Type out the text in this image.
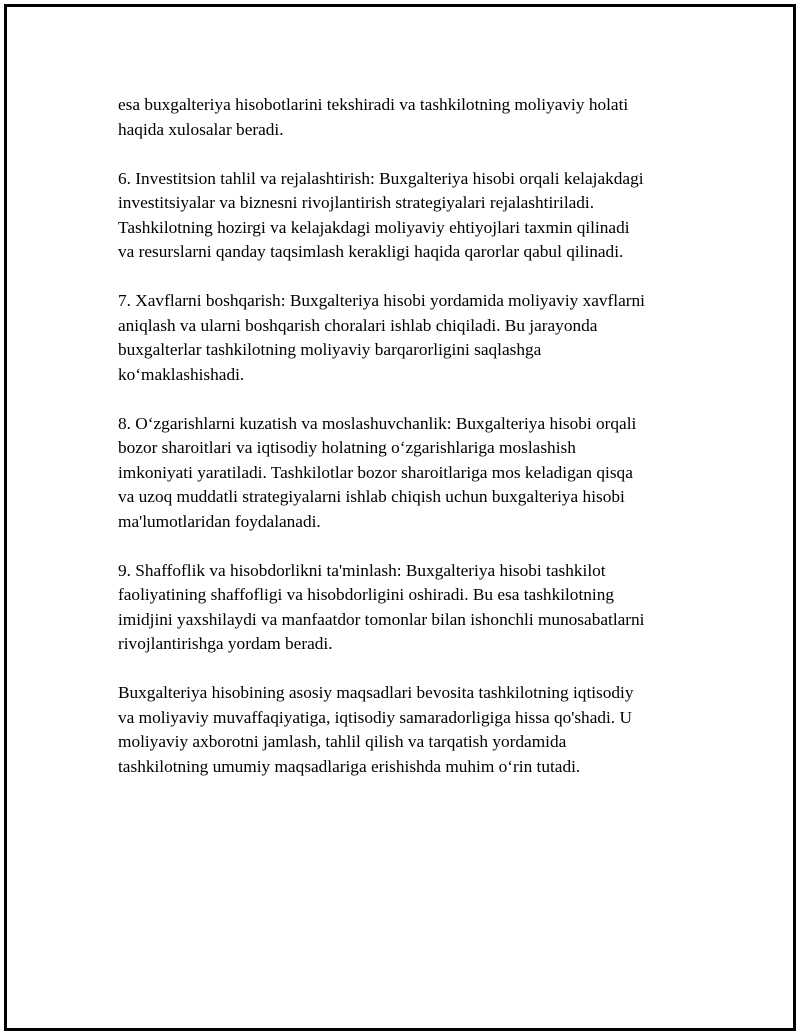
esa buxgalteriya hisobotlarini tekshiradi va tashkilotning moliyaviy holati
haqida xulosalar beradi.

6. Investitsion tahlil va rejalashtirish: Buxgalteriya hisobi orqali kelajakdagi
investitsiyalar va biznesni rivojlantirish strategiyalari rejalashtiriladi.
Tashkilotning hozirgi va kelajakdagi moliyaviy ehtiyojlari taxmin qilinadi
va resurslarni qanday taqsimlash kerakligi haqida qarorlar qabul qilinadi.

7. Xavflarni boshqarish: Buxgalteriya hisobi yordamida moliyaviy xavflarni
aniqlash va ularni boshqarish choralari ishlab chiqiladi. Bu jarayonda
buxgalterlar tashkilotning moliyaviy barqarorligini saqlashga
ko‘maklashishadi.

8. O‘zgarishlarni kuzatish va moslashuvchanlik: Buxgalteriya hisobi orqali
bozor sharoitlari va iqtisodiy holatning o‘zgarishlariga moslashish
imkoniyati yaratiladi. Tashkilotlar bozor sharoitlariga mos keladigan qisqa
va uzoq muddatli strategiyalarni ishlab chiqish uchun buxgalteriya hisobi
ma'lumotlaridan foydalanadi.

9. Shaffoflik va hisobdorlikni ta'minlash: Buxgalteriya hisobi tashkilot
faoliyatining shaffofligi va hisobdorligini oshiradi. Bu esa tashkilotning
imidjini yaxshilaydi va manfaatdor tomonlar bilan ishonchli munosabatlarni
rivojlantirishga yordam beradi.

Buxgalteriya hisobining asosiy maqsadlari bevosita tashkilotning iqtisodiy
va moliyaviy muvaffaqiyatiga, iqtisodiy samaradorligiga hissa qo'shadi. U
moliyaviy axborotni jamlash, tahlil qilish va tarqatish yordamida
tashkilotning umumiy maqsadlariga erishishda muhim o‘rin tutadi.
